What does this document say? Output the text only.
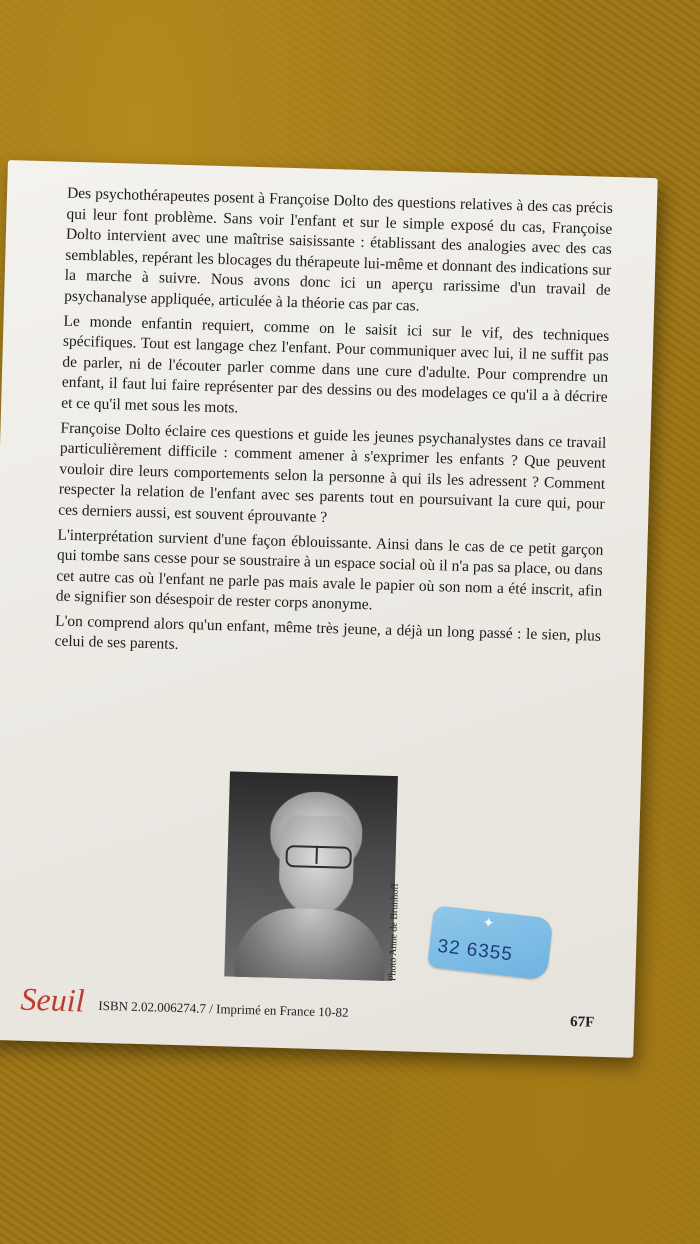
Des psychothérapeutes posent à Françoise Dolto des questions relatives à des cas précis qui leur font problème. Sans voir l'enfant et sur le simple exposé du cas, Françoise Dolto intervient avec une maîtrise saisissante : établissant des analogies avec des cas semblables, repérant les blocages du thérapeute lui-même et donnant des indications sur la marche à suivre. Nous avons donc ici un aperçu rarissime d'un travail de psychanalyse appliquée, articulée à la théorie cas par cas.

Le monde enfantin requiert, comme on le saisit ici sur le vif, des techniques spécifiques. Tout est langage chez l'enfant. Pour communiquer avec lui, il ne suffit pas de parler, ni de l'écouter parler comme dans une cure d'adulte. Pour comprendre un enfant, il faut lui faire représenter par des dessins ou des modelages ce qu'il a à décrire et ce qu'il met sous les mots.

Françoise Dolto éclaire ces questions et guide les jeunes psychanalystes dans ce travail particulièrement difficile : comment amener à s'exprimer les enfants ? Que peuvent vouloir dire leurs comportements selon la personne à qui ils les adressent ? Comment respecter la relation de l'enfant avec ses parents tout en poursuivant la cure qui, pour ces derniers aussi, est souvent éprouvante ?

L'interprétation survient d'une façon éblouissante. Ainsi dans le cas de ce petit garçon qui tombe sans cesse pour se soustraire à un espace social où il n'a pas sa place, ou dans cet autre cas où l'enfant ne parle pas mais avale le papier où son nom a été inscrit, afin de signifier son désespoir de rester corps anonyme.

L'on comprend alors qu'un enfant, même très jeune, a déjà un long passé : le sien, plus celui de ses parents.

Photo Anne de Brunhoff	✦
32 6355
Seuil ISBN 2.02.006274.7 / Imprimé en France 10-82
67F
